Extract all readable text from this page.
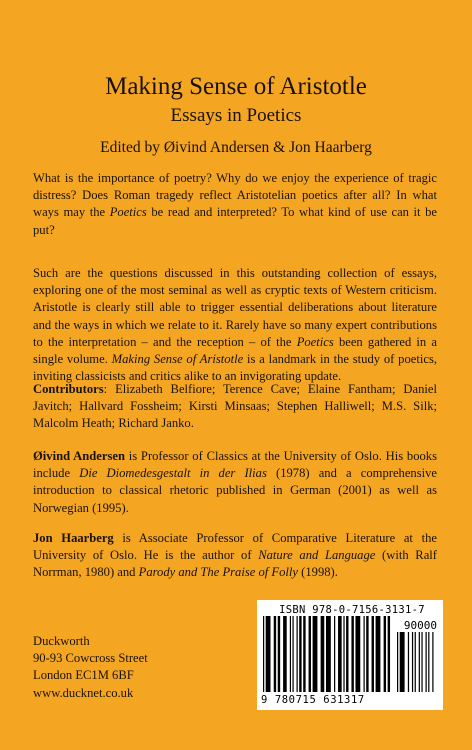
Making Sense of Aristotle
Essays in Poetics
Edited by Øivind Andersen & Jon Haarberg

What is the importance of poetry? Why do we enjoy the experience of tragic distress? Does Roman tragedy reflect Aristotelian poetics after all? In what ways may the Poetics be read and interpreted? To what kind of use can it be put?

Such are the questions discussed in this outstanding collection of essays, exploring one of the most seminal as well as cryptic texts of Western criticism. Aristotle is clearly still able to trigger essential deliberations about literature and the ways in which we relate to it. Rarely have so many expert contributions to the interpretation – and the reception – of the Poetics been gathered in a single volume. Making Sense of Aristotle is a landmark in the study of poetics, inviting classicists and critics alike to an invigorating update.

Contributors: Elizabeth Belfiore; Terence Cave; Elaine Fantham; Daniel Javitch; Hallvard Fossheim; Kirsti Minsaas; Stephen Halliwell; M.S. Silk; Malcolm Heath; Richard Janko.

Øivind Andersen is Professor of Classics at the University of Oslo. His books include Die Diomedesgestalt in der Ilias (1978) and a comprehensive introduction to classical rhetoric published in German (2001) as well as Norwegian (1995).

Jon Haarberg is Associate Professor of Comparative Literature at the University of Oslo. He is the author of Nature and Language (with Ralf Norrman, 1980) and Parody and The Praise of Folly (1998).

Duckworth
90-93 Cowcross Street
London EC1M 6BF
www.ducknet.co.uk
ISBN 978-0-7156-3131-7
90000
9 780715 631317
